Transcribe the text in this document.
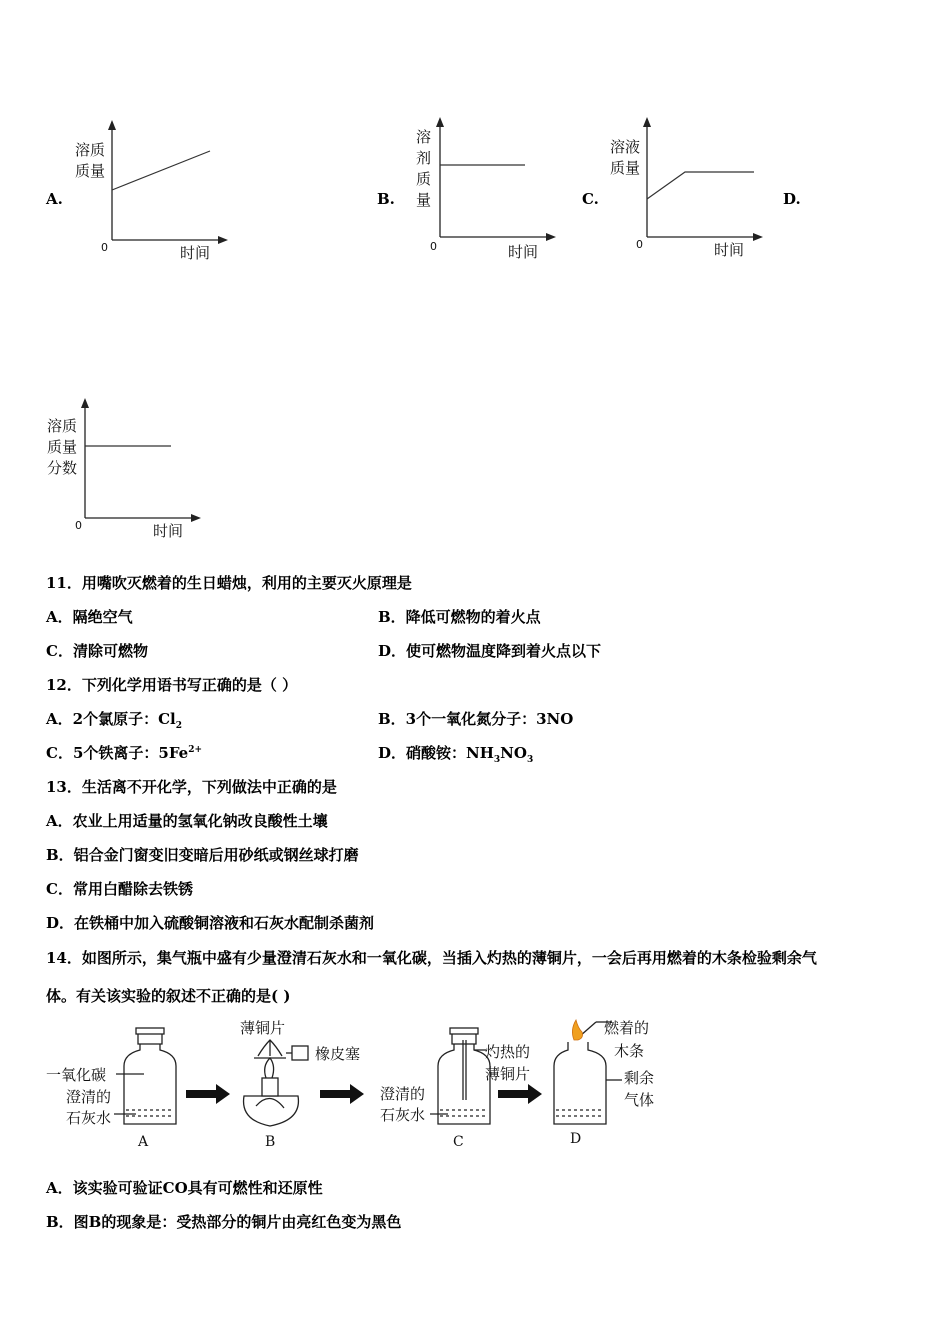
A.
溶质
质量
0	时间
B.
溶
剂
质
量
0	时间
C.
溶液
质量
0	时间
D.
溶质
质量
分数
0	时间
11．用嘴吹灭燃着的生日蜡烛，利用的主要灭火原理是
A．隔绝空气	B．降低可燃物的着火点
C．清除可燃物	D．使可燃物温度降到着火点以下
12．下列化学用语书写正确的是（ ）
A．2个氯原子：$Cl_2$	B．3个一氧化氮分子：3NO
C．5个铁离子：$5Fe^{2+}$	D．硝酸铵：$NH_3NO_3$
13．生活离不开化学，下列做法中正确的是
A．农业上用适量的氢氧化钠改良酸性土壤
B．铝合金门窗变旧变暗后用砂纸或钢丝球打磨
C．常用白醋除去铁锈
D．在铁桶中加入硫酸铜溶液和石灰水配制杀菌剂
14．如图所示，集气瓶中盛有少量澄清石灰水和一氧化碳，当插入灼热的薄铜片，一会后再用燃着的木条检验剩余气
体。有关该实验的叙述不正确的是( )
一氧化碳
澄清的
石灰水
薄铜片
橡皮塞
澄清的
石灰水
灼热的
薄铜片
燃着的
木条
剩余
气体
A	B	C	D
A．该实验可验证CO具有可燃性和还原性
B．图B的现象是：受热部分的铜片由亮红色变为黑色
